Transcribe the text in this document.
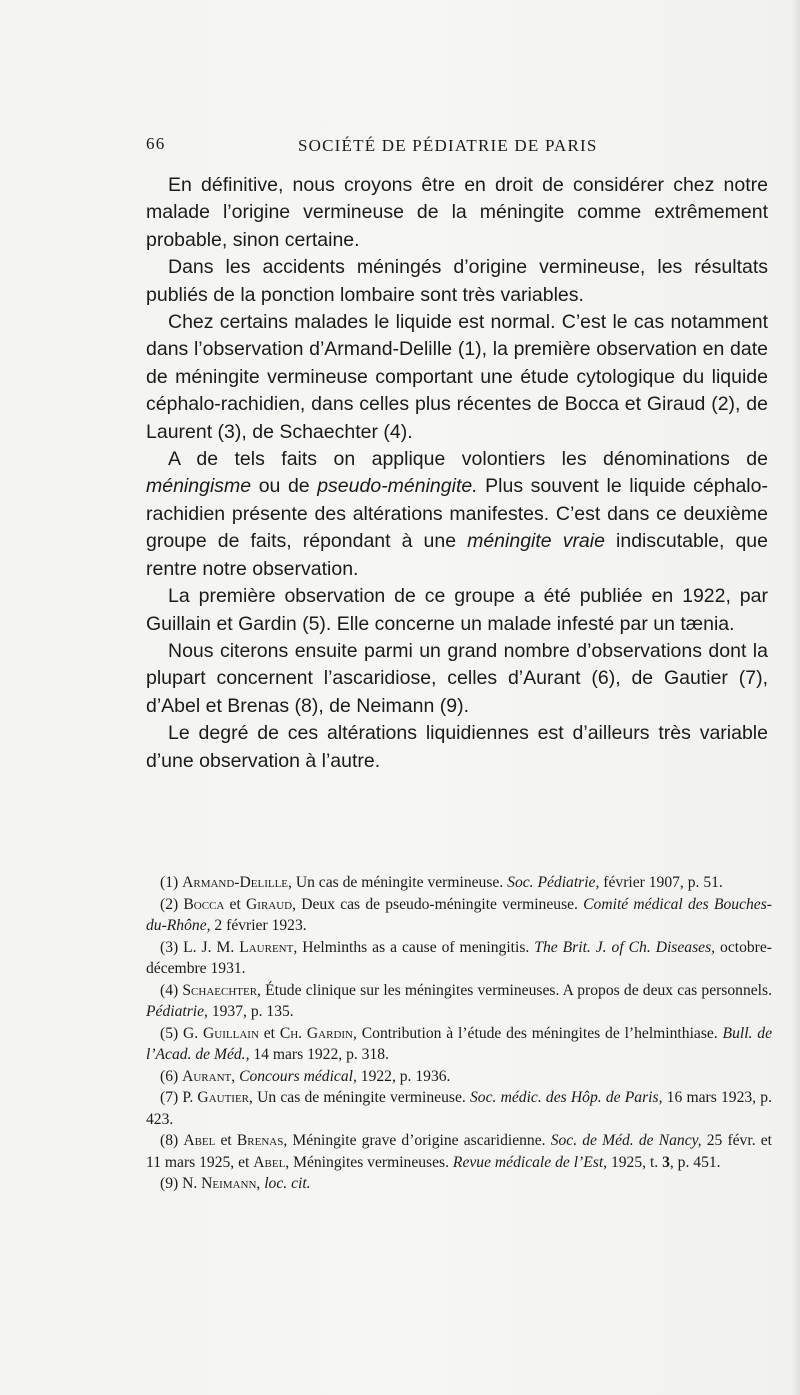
66	SOCIÉTÉ DE PÉDIATRIE DE PARIS

En définitive, nous croyons être en droit de considérer chez notre malade l’origine vermineuse de la méningite comme extrêmement probable, sinon certaine.

Dans les accidents méningés d’origine vermineuse, les résultats publiés de la ponction lombaire sont très variables.

Chez certains malades le liquide est normal. C’est le cas notamment dans l’observation d’Armand-Delille (1), la première observation en date de méningite vermineuse comportant une étude cytologique du liquide céphalo-rachidien, dans celles plus récentes de Bocca et Giraud (2), de Laurent (3), de Schaechter (4).

A de tels faits on applique volontiers les dénominations de méningisme ou de pseudo-méningite. Plus souvent le liquide céphalo-rachidien présente des altérations manifestes. C’est dans ce deuxième groupe de faits, répondant à une méningite vraie indiscutable, que rentre notre observation.

La première observation de ce groupe a été publiée en 1922, par Guillain et Gardin (5). Elle concerne un malade infesté par un tænia.

Nous citerons ensuite parmi un grand nombre d’observations dont la plupart concernent l’ascaridiose, celles d’Aurant (6), de Gautier (7), d’Abel et Brenas (8), de Neimann (9).

Le degré de ces altérations liquidiennes est d’ailleurs très variable d’une observation à l’autre.

(1) Armand-Delille, Un cas de méningite vermineuse. Soc. Pédiatrie, février 1907, p. 51.

(2) Bocca et Giraud, Deux cas de pseudo-méningite vermineuse. Comité médical des Bouches-du-Rhône, 2 février 1923.

(3) L. J. M. Laurent, Helminths as a cause of meningitis. The Brit. J. of Ch. Diseases, octobre-décembre 1931.

(4) Schaechter, Étude clinique sur les méningites vermineuses. A propos de deux cas personnels. Pédiatrie, 1937, p. 135.

(5) G. Guillain et Ch. Gardin, Contribution à l’étude des méningites de l’helminthiase. Bull. de l’Acad. de Méd., 14 mars 1922, p. 318.

(6) Aurant, Concours médical, 1922, p. 1936.

(7) P. Gautier, Un cas de méningite vermineuse. Soc. médic. des Hôp. de Paris, 16 mars 1923, p. 423.

(8) Abel et Brenas, Méningite grave d’origine ascaridienne. Soc. de Méd. de Nancy, 25 févr. et 11 mars 1925, et Abel, Méningites vermineuses. Revue médicale de l’Est, 1925, t. 3, p. 451.

(9) N. Neimann, loc. cit.
